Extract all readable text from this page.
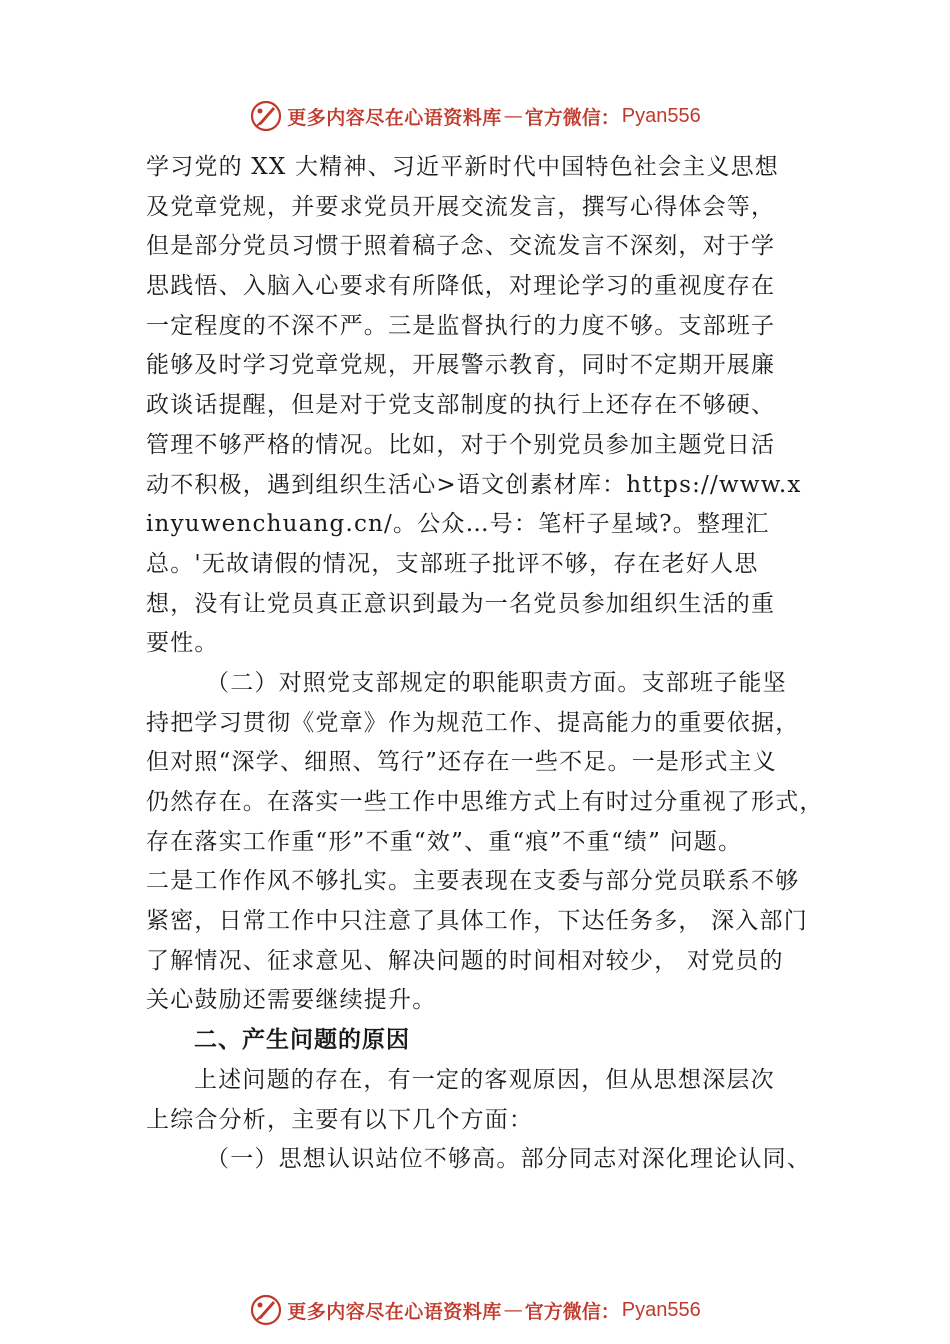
更多内容尽在心语资料库 — 官方微信： Pyan556
学习党的 XX 大精神、习近平新时代中国特色社会主义思想
及党章党规，并要求党员开展交流发言，撰写心得体会等，
但是部分党员习惯于照着稿子念、交流发言不深刻，对于学
思践悟、入脑入心要求有所降低，对理论学习的重视度存在
一定程度的不深不严。三是监督执行的力度不够。支部班子
能够及时学习党章党规，开展警示教育，同时不定期开展廉
政谈话提醒，但是对于党支部制度的执行上还存在不够硬、
管理不够严格的情况。比如，对于个别党员参加主题党日活
动不积极，遇到组织生活心>语文创素材库：https://www.x
inyuwenchuang.cn/。公众…号：笔杆子星域?。整理汇
总。'无故请假的情况，支部班子批评不够，存在老好人思
想，没有让党员真正意识到最为一名党员参加组织生活的重
要性。
（二）对照党支部规定的职能职责方面。支部班子能坚
持把学习贯彻《党章》作为规范工作、提高能力的重要依据，
但对照“深学、细照、笃行”还存在一些不足。一是形式主义
仍然存在。在落实一些工作中思维方式上有时过分重视了形式，
存在落实工作重“形”不重“效”、重“痕”不重“绩” 问题。
二是工作作风不够扎实。主要表现在支委与部分党员联系不够
紧密，日常工作中只注意了具体工作，下达任务多， 深入部门
了解情况、征求意见、解决问题的时间相对较少， 对党员的
关心鼓励还需要继续提升。
二、产生问题的原因
上述问题的存在，有一定的客观原因，但从思想深层次
上综合分析，主要有以下几个方面：
（一）思想认识站位不够高。部分同志对深化理论认同、
更多内容尽在心语资料库 — 官方微信： Pyan556
